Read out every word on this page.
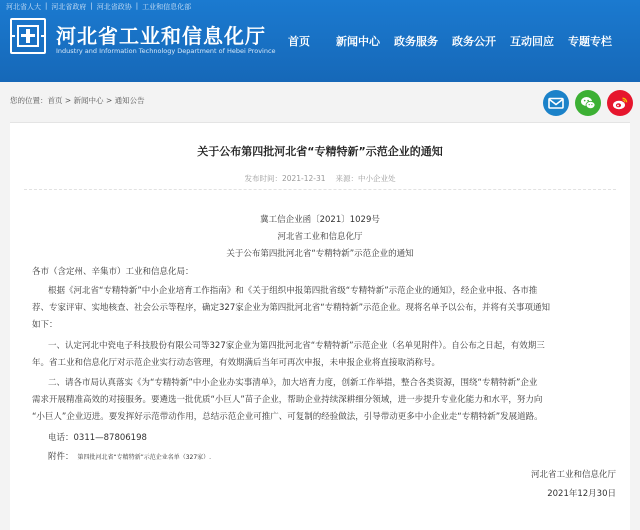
河北省人大 | 河北省政府 | 河北省政协 | 工业和信息化部
河北省工业和信息化厅
Industry and Information Technology Department of Hebei Province
首页 新闻中心 政务服务 政务公开 互动回应 专题专栏
您的位置：首页 > 新闻中心 > 通知公告
关于公布第四批河北省“专精特新”示范企业的通知
发布时间：2021-12-31 来源：中小企业处
冀工信企业函〔2021〕1029号
河北省工业和信息化厅
关于公布第四批河北省“专精特新”示范企业的通知
各市（含定州、辛集市）工业和信息化局：
根据《河北省“专精特新”中小企业培育工作指南》和《关于组织申报第四批省级“专精特新”示范企业的通知》，经企业申报、各市推
荐、专家评审、实地核查、社会公示等程序，确定327家企业为第四批河北省“专精特新”示范企业。现将名单予以公布，并将有关事项通知
如下：
一、认定河北中瓷电子科技股份有限公司等327家企业为第四批河北省“专精特新”示范企业（名单见附件）。自公布之日起，有效期三
年。省工业和信息化厅对示范企业实行动态管理，有效期满后当年可再次申报，未申报企业将直接取消称号。
二、请各市局认真落实《为“专精特新”中小企业办实事清单》，加大培育力度，创新工作举措，整合各类资源，围绕“专精特新”企业
需求开展精准高效的对接服务。要遴选一批优质“小巨人”苗子企业，帮助企业持续深耕细分领域，进一步提升专业化能力和水平，努力向
“小巨人”企业迈进。要发挥好示范带动作用，总结示范企业可推广、可复制的经验做法，引导带动更多中小企业走“专精特新”发展道路。
电话：0311—87806198
附件： 第四批河北省“专精特新”示范企业名单（327家）.
河北省工业和信息化厅
2021年12月30日
